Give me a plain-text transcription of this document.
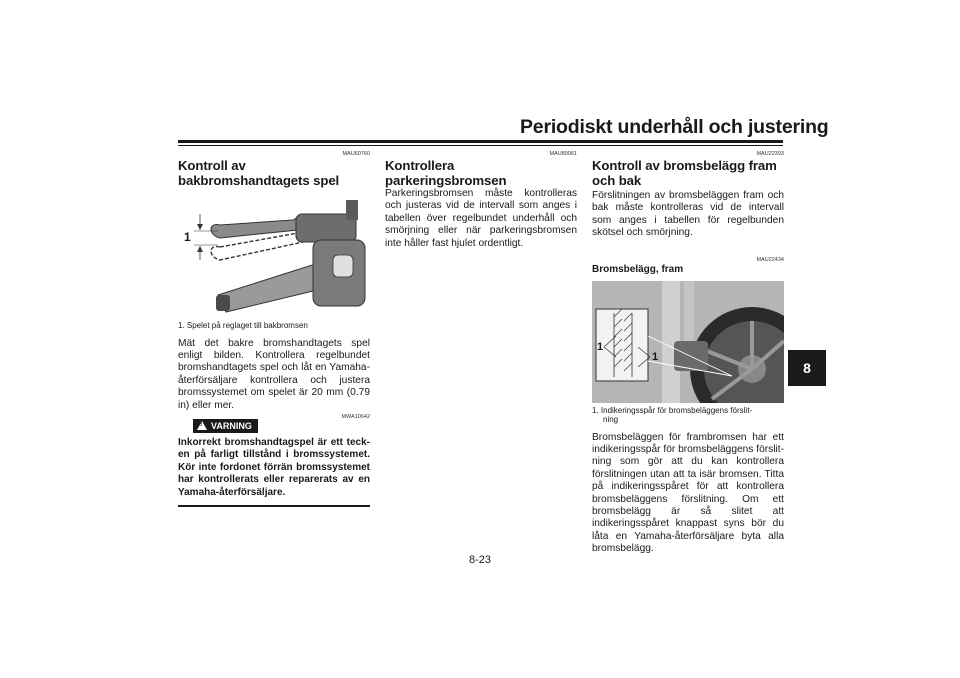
Periodiskt underhåll och justering
8
8-23
MAU60760
Kontroll av bakbromshandtagets spel
1
1. Spelet på reglaget till bakbromsen

Mät det bakre bromshandtagets spel enligt bilden. Kontrollera regelbundet bromshandtagets spel och låt en Yamaha-återförsäljare kontrollera och justera bromssystemet om spelet är 20 mm (0.79 in) eller mer.

!
VARNING
MWA10642

Inkorrekt bromshandtagspel är ett tecken på farligt tillstånd i bromssystemet. Kör inte fordonet förrän bromssystemet har kontrollerats eller reparerats av en Yamaha-återförsäljare.

MAU89061
Kontrollera parkeringsbromsen

Parkeringsbromsen måste kontrolleras och justeras vid de intervall som anges i tabellen över regelbundet underhåll och smörjning eller när parkeringsbromsen inte håller fast hjulet ordentligt.

MAU22393
Kontroll av bromsbelägg fram och bak

Förslitningen av bromsbeläggen fram och bak måste kontrolleras vid de intervall som anges i tabellen för regelbunden skötsel och smörjning.

MAU22434
Bromsbelägg, fram
1
1
1. Indikeringsspår för bromsbeläggens förslit-
ning

Bromsbeläggen för frambromsen har ett indikeringsspår för bromsbeläggens förslitning som gör att du kan kontrollera förslitningen utan att ta isär bromsen. Titta på indikeringsspåret för att kontrollera bromsbeläggens förslitning. Om ett bromsbelägg är så slitet att indikeringsspåret knappast syns bör du låta en Yamaha-återförsäljare byta alla bromsbelägg.
